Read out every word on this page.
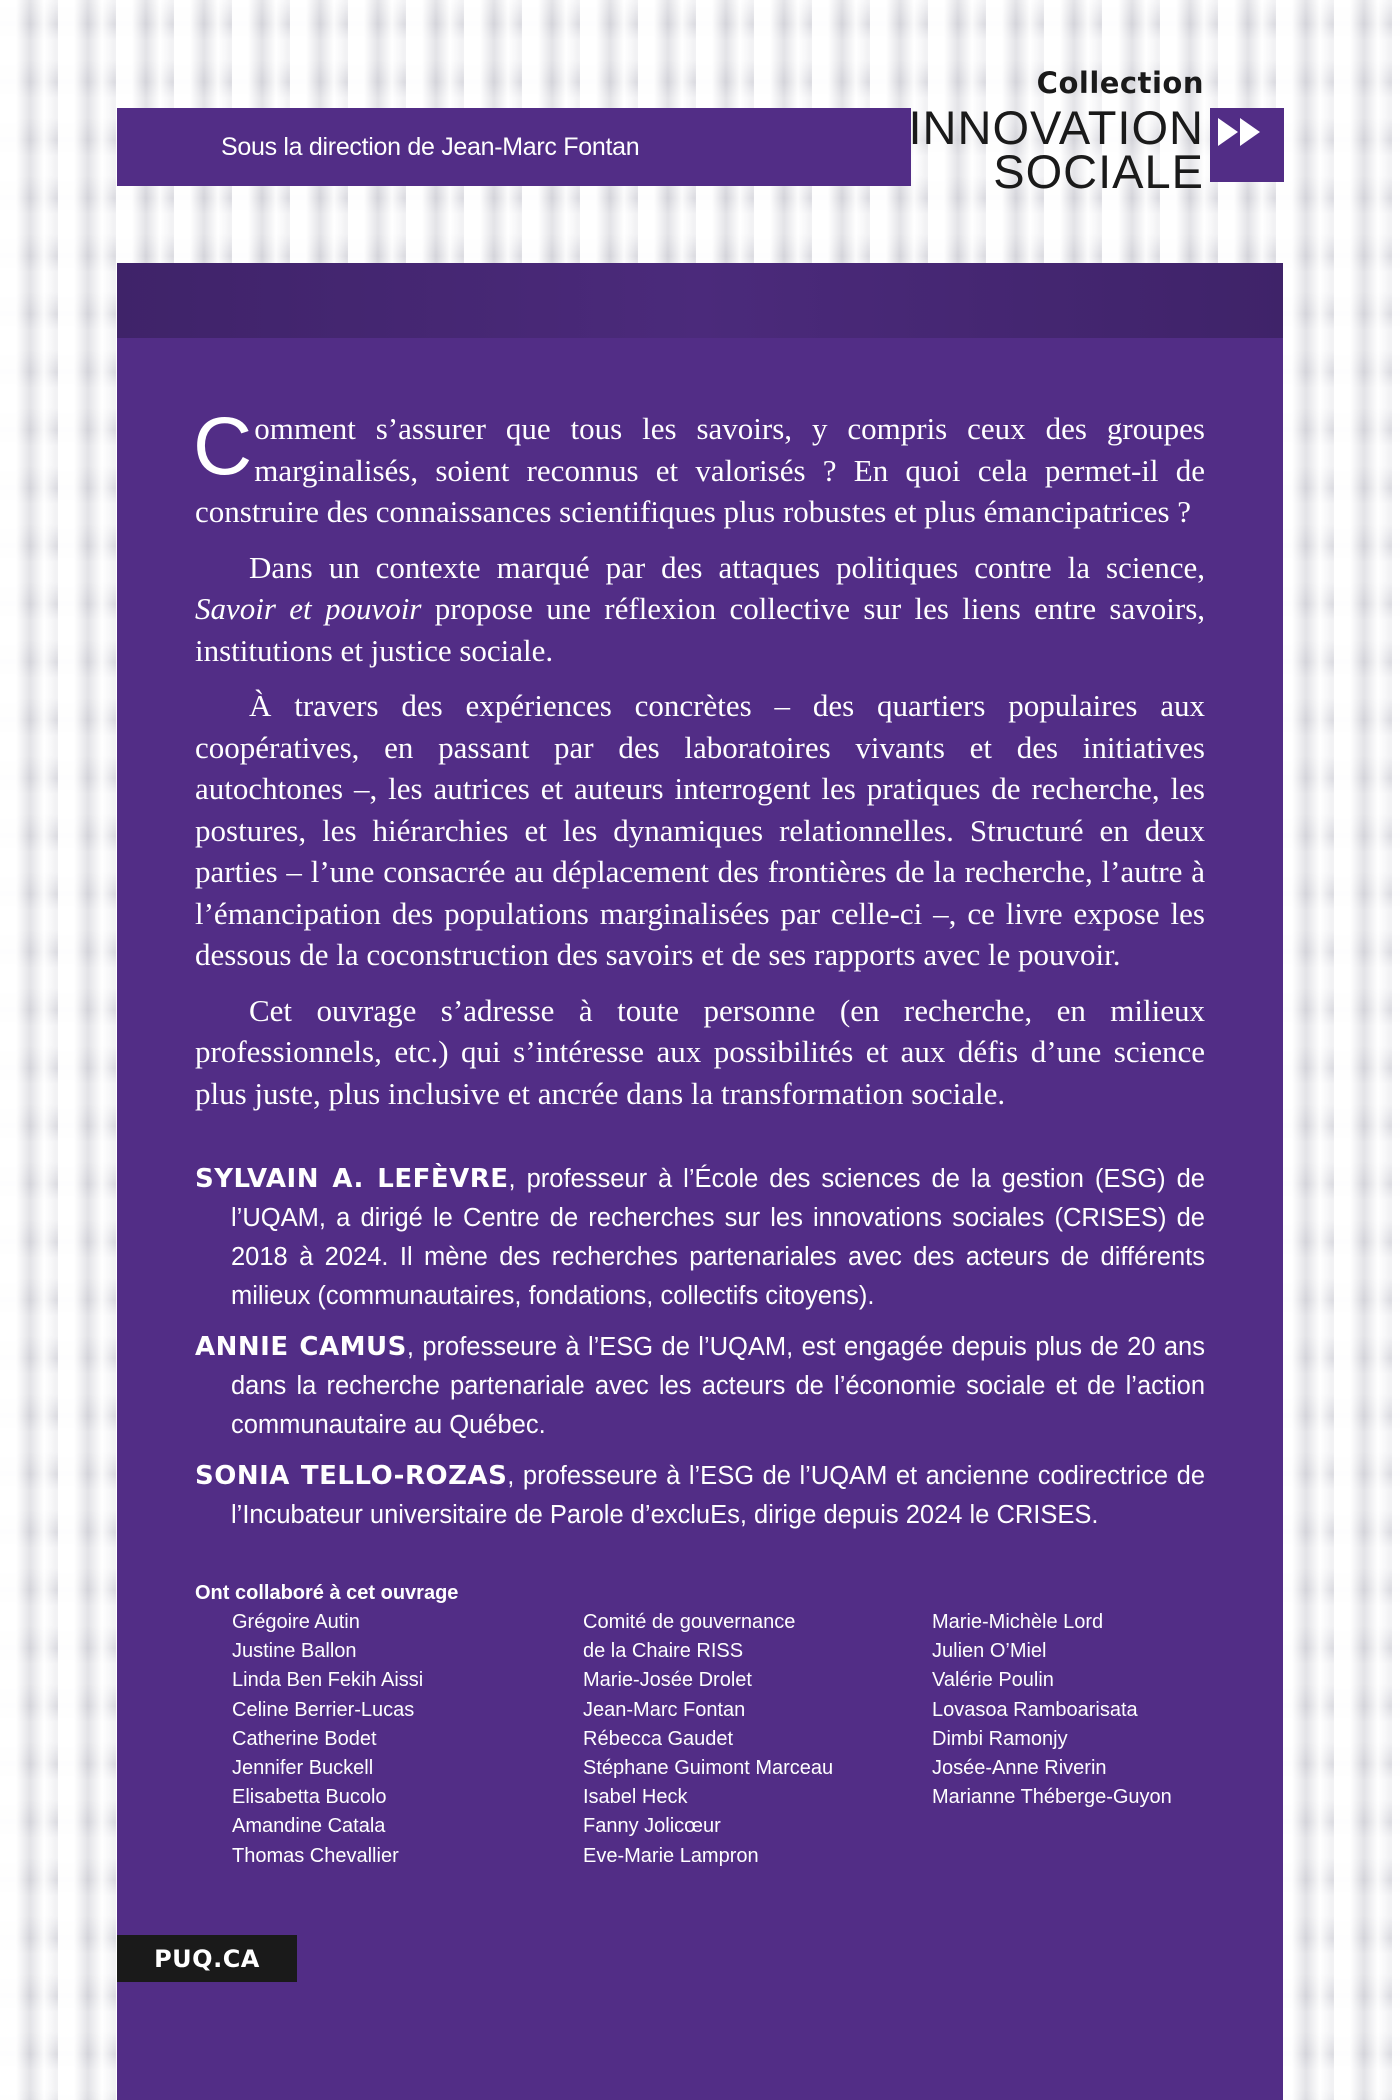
Sous la direction de Jean-Marc Fontan
Collection
INNOVATION
SOCIALE

Comment s’assurer que tous les savoirs, y compris ceux des groupes marginalisés, soient reconnus et valorisés ? En quoi cela permet-il de construire des connaissances scientifiques plus robustes et plus émancipatrices ?

Dans un contexte marqué par des attaques politiques contre la science, Savoir et pouvoir propose une réflexion collective sur les liens entre savoirs, institutions et justice sociale.

À travers des expériences concrètes – des quartiers populaires aux coopératives, en passant par des laboratoires vivants et des initiatives autochtones –, les autrices et auteurs interrogent les pratiques de recherche, les postures, les hiérarchies et les dynamiques relationnelles. Structuré en deux parties – l’une consacrée au déplacement des frontières de la recherche, l’autre à l’émancipation des populations marginalisées par celle-ci –, ce livre expose les dessous de la coconstruction des savoirs et de ses rapports avec le pouvoir.

Cet ouvrage s’adresse à toute personne (en recherche, en milieux professionnels, etc.) qui s’intéresse aux possibilités et aux défis d’une science plus juste, plus inclusive et ancrée dans la transformation sociale.

SYLVAIN A. LEFÈVRE, professeur à l’École des sciences de la gestion (ESG) de l’UQAM, a dirigé le Centre de recherches sur les innovations sociales (CRISES) de 2018 à 2024. Il mène des recherches partenariales avec des acteurs de différents milieux (communautaires, fondations, collectifs citoyens).
ANNIE CAMUS, professeure à l’ESG de l’UQAM, est engagée depuis plus de 20 ans dans la recherche partenariale avec les acteurs de l’économie sociale et de l’action communautaire au Québec.
SONIA TELLO-ROZAS, professeure à l’ESG de l’UQAM et ancienne codirectrice de l’Incubateur universitaire de Parole d’excluEs, dirige depuis 2024 le CRISES.
Ont collaboré à cet ouvrage
Grégoire Autin
Justine Ballon
Linda Ben Fekih Aissi
Celine Berrier-Lucas
Catherine Bodet
Jennifer Buckell
Elisabetta Bucolo
Amandine Catala
Thomas Chevallier
Comité de gouvernance
de la Chaire RISS
Marie-Josée Drolet
Jean-Marc Fontan
Rébecca Gaudet
Stéphane Guimont Marceau
Isabel Heck
Fanny Jolicœur
Eve-Marie Lampron
Marie-Michèle Lord
Julien O’Miel
Valérie Poulin
Lovasoa Ramboarisata
Dimbi Ramonjy
Josée-Anne Riverin
Marianne Théberge-Guyon
PUQ.CA
